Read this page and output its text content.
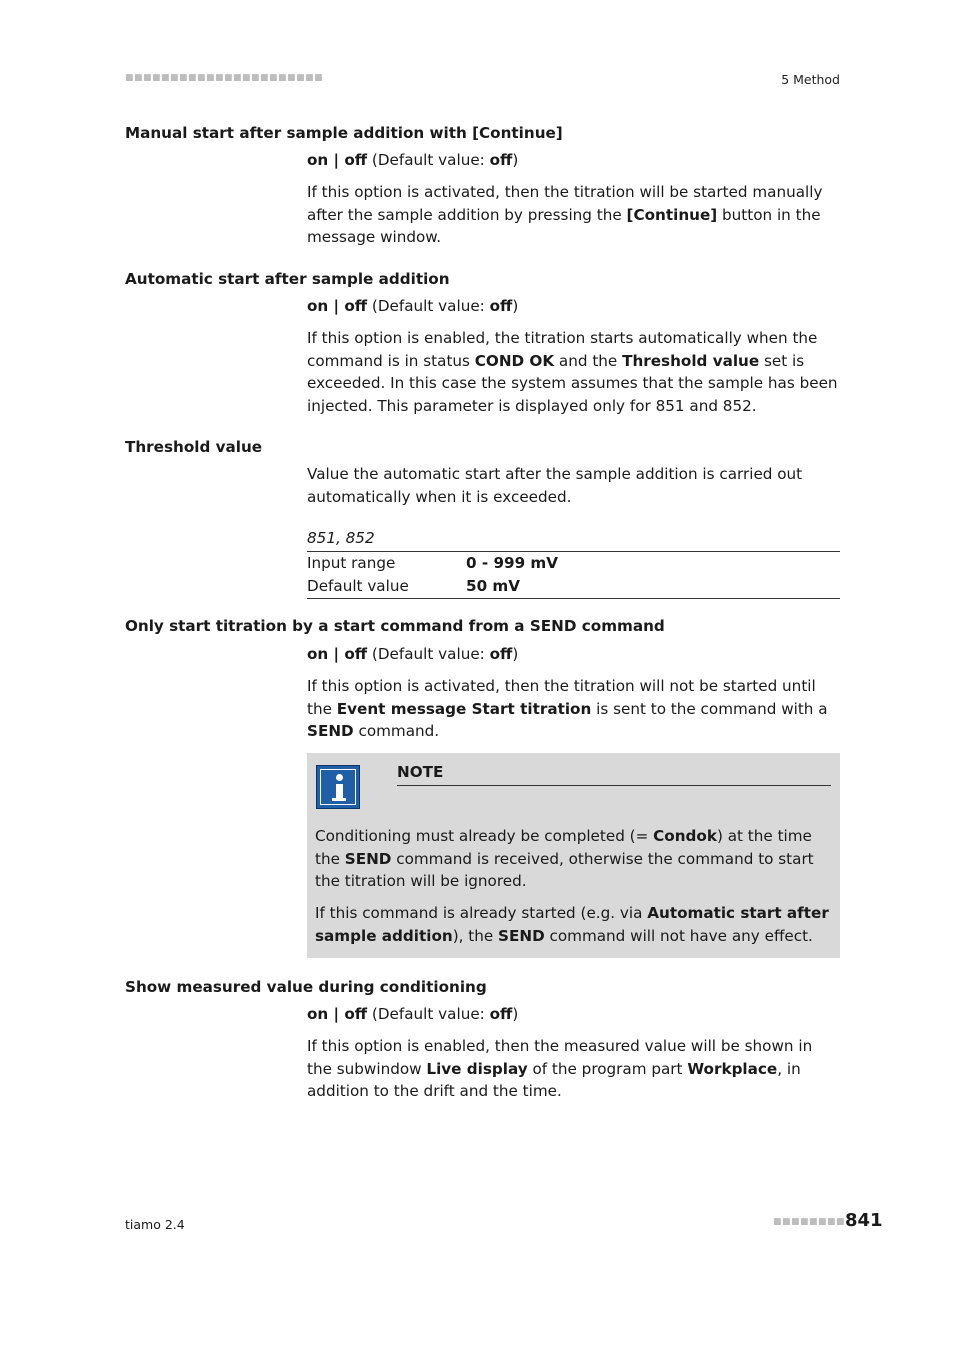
■■■■■■■■■■■■■■■■■■■■■■	5 Method
Manual start after sample addition with [Continue]
on | off (Default value: off)
If this option is activated, then the titration will be started manually after the sample addition by pressing the [Continue] button in the message window.
Automatic start after sample addition
on | off (Default value: off)
If this option is enabled, the titration starts automatically when the command is in status COND OK and the Threshold value set is exceeded. In this case the system assumes that the sample has been injected. This parameter is displayed only for 851 and 852.
Threshold value
Value the automatic start after the sample addition is carried out automatically when it is exceeded.
851, 852
Input range	0 - 999 mV
Default value	50 mV
Only start titration by a start command from a SEND command
on | off (Default value: off)
If this option is activated, then the titration will not be started until the Event message Start titration is sent to the command with a SEND command.
NOTE
Conditioning must already be completed (= Condok) at the time the SEND command is received, otherwise the command to start the titration will be ignored.
If this command is already started (e.g. via Automatic start after sample addition), the SEND command will not have any effect.
Show measured value during conditioning
on | off (Default value: off)
If this option is enabled, then the measured value will be shown in the subwindow Live display of the program part Workplace, in addition to the drift and the time.
tiamo 2.4	■■■■■■■■ 841
